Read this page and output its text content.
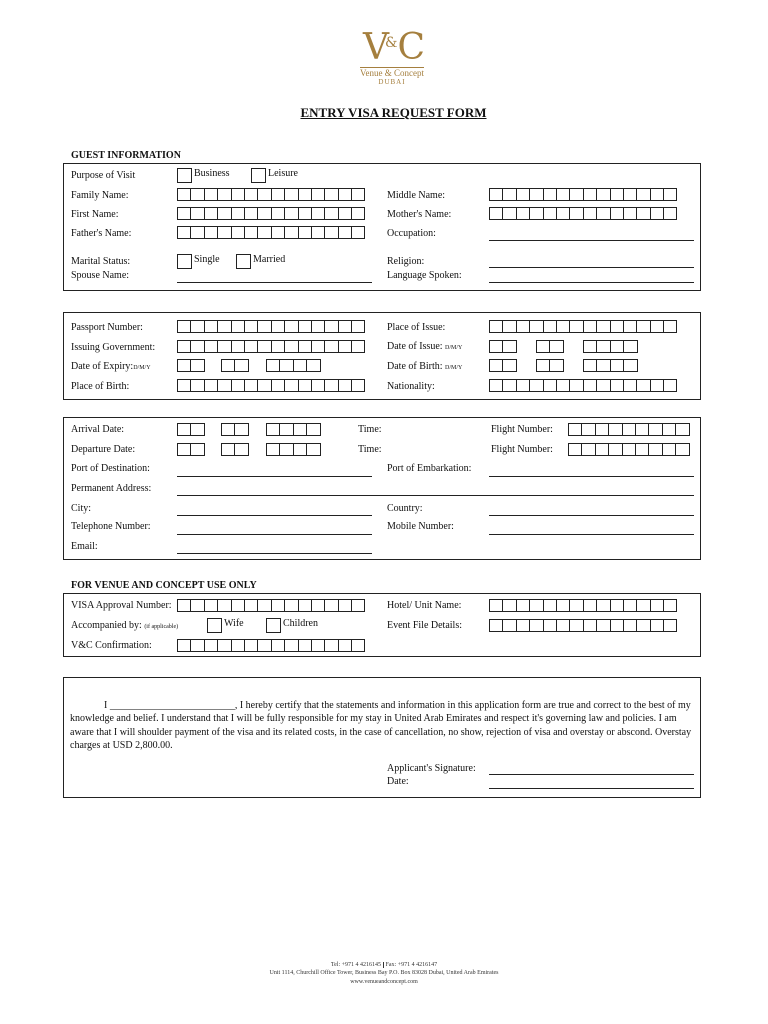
V&C
Venue & Concept
DUBAI
ENTRY VISA REQUEST FORM
GUEST INFORMATION
Purpose of Visit	Business	Leisure
Family Name:	Middle Name:
First Name:	Mother's Name:
Father's Name:	Occupation:
Marital Status:	Single	Married	Religion:
Spouse Name:	Language Spoken:
Passport Number:	Place of Issue:
Issuing Government:	Date of Issue: D/M/Y
Date of Expiry:D/M/Y	Date of Birth: D/M/Y
Place of Birth:	Nationality:
Arrival Date:	Time:	Flight Number:
Departure Date:	Time:	Flight Number:
Port of Destination:	Port of Embarkation:
Permanent Address:
City:	Country:
Telephone Number:	Mobile Number:
Email:
FOR VENUE AND CONCEPT USE ONLY
VISA Approval Number:	Hotel/ Unit Name:
Accompanied by: (if applicable)	Wife	Children	Event File Details:
V&C Confirmation:
I _________________________, I hereby certify that the statements and information in this application form are true and correct to the best of my knowledge and belief. I understand that I will be fully responsible for my stay in United Arab Emirates and respect it's governing law and policies. I am aware that I will shoulder payment of the visa and its related costs, in the case of cancellation, no show, rejection of visa and overstay or abscond. Overstay charges at USD 2,800.00.
Applicant's Signature:
Date:
Tel: +971 4 4216145 Fax: +971 4 4216147
Unit 1114, Churchill Office Tower, Business Bay P.O. Box 83028 Dubai, United Arab Emirates
www.venueandconcept.com
